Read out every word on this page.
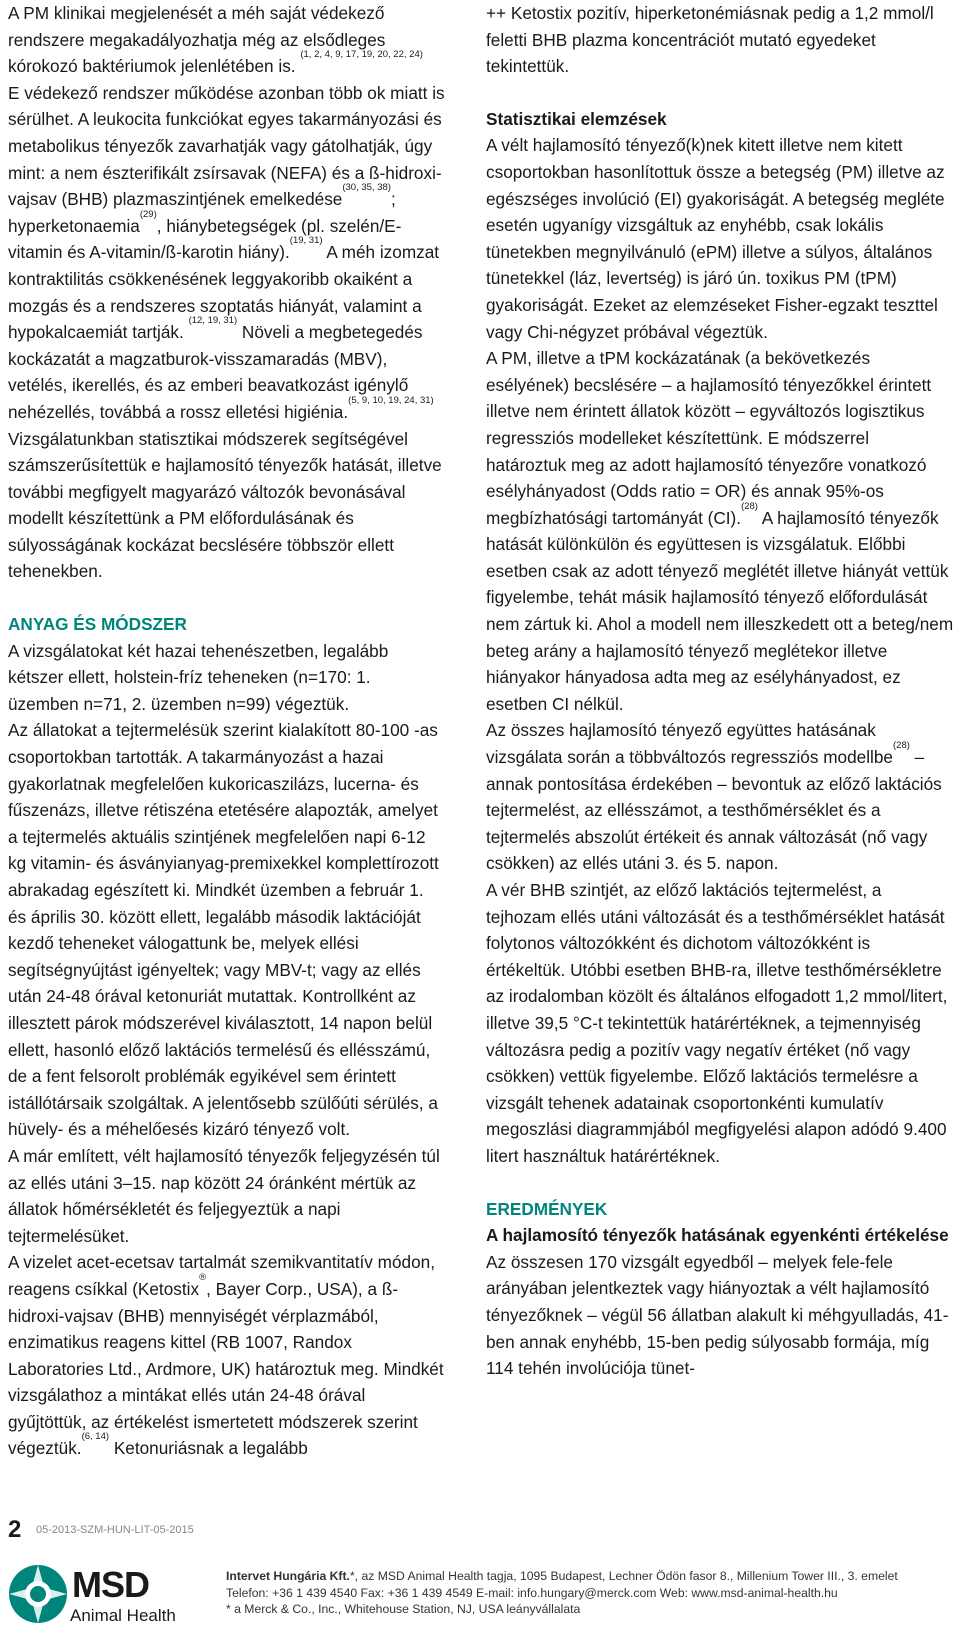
A PM klinikai megjelenését a méh saját védekező rendszere megakadályozhatja még az elsődleges kórokozó baktériumok jelenlétében is. $^{(1, 2, 4, 9, 17, 19, 20, 22, 24)}$

E védekező rendszer működése azonban több ok miatt is sérülhet. A leukocita funkciókat egyes takarmányozási és metabolikus tényezők zavarhatják vagy gátolhatják, úgy mint: a nem észterifikált zsírsavak (NEFA) és a ß-hidroxi-vajsav (BHB) plazmaszintjének emelkedése$^{(30, 35, 38)}$; hyperketonaemia$^{(29)}$, hiánybetegségek (pl. szelén/E-vitamin és A-vitamin/ß-karotin hiány).$^{(19, 31)}$ A méh izomzat kontraktilitás csökkenésének leggyakoribb okaiként a mozgás és a rendszeres szoptatás hiányát, valamint a hypokalcaemiát tartják. $^{(12, 19, 31)}$ Növeli a megbetegedés kockázatát a magzatburok-visszamaradás (MBV), vetélés, ikerellés, és az emberi beavatkozást igénylő nehézellés, továbbá a rossz elletési higiénia.$^{(5, 9, 10, 19, 24, 31)}$

Vizsgálatunkban statisztikai módszerek segítségével számszerűsítettük e hajlamosító tényezők hatását, illetve további megfigyelt magyarázó változók bevonásával modellt készítettünk a PM előfordulásának és súlyosságának kockázat becslésére többször ellett tehenekben.

ANYAG ÉS MÓDSZER

A vizsgálatokat két hazai tehenészetben, legalább kétszer ellett, holstein-fríz teheneken (n=170: 1. üzemben n=71, 2. üzemben n=99) végeztük.

Az állatokat a tejtermelésük szerint kialakított 80-100 -as csoportokban tartották. A takarmányozást a hazai gyakorlatnak megfelelően kukoricaszilázs, lucerna- és fűszenázs, illetve rétiszéna etetésére alapozták, amelyet a tejtermelés aktuális szintjének megfelelően napi 6-12 kg vitamin- és ásványianyag-premixekkel komplettírozott abrakadag egészített ki. Mindkét üzemben a február 1. és április 30. között ellett, legalább második laktációját kezdő teheneket válogattunk be, melyek ellési segítségnyújtást igényeltek; vagy MBV-t; vagy az ellés után 24-48 órával ketonuriát mutattak. Kontrollként az illesztett párok módszerével kiválasztott, 14 napon belül ellett, hasonló előző laktációs termelésű és ellésszámú, de a fent felsorolt problémák egyikével sem érintett istállótársaik szolgáltak. A jelentősebb szülőúti sérülés, a hüvely- és a méhelőesés kizáró tényező volt.

A már említett, vélt hajlamosító tényezők feljegyzésén túl az ellés utáni 3–15. nap között 24 óránként mértük az állatok hőmérsékletét és feljegyeztük a napi tejtermelésüket.

A vizelet acet-ecetsav tartalmát szemikvantitatív módon, reagens csíkkal (Ketostix®, Bayer Corp., USA), a ß-hidroxi-vajsav (BHB) mennyiségét vérplazmából, enzimatikus reagens kittel (RB 1007, Randox Laboratories Ltd., Ardmore, UK) határoztuk meg. Mindkét vizsgálathoz a mintákat ellés után 24-48 órával gyűjtöttük, az értékelést ismertetett módszerek szerint végeztük.$^{(6, 14)}$ Ketonuriásnak a legalább

++ Ketostix pozitív, hiperketonémiásnak pedig a 1,2 mmol/l feletti BHB plazma koncentrációt mutató egyedeket tekintettük.

Statisztikai elemzések

A vélt hajlamosító tényező(k)nek kitett illetve nem kitett csoportokban hasonlítottuk össze a betegség (PM) illetve az egészséges involúció (EI) gyakoriságát. A betegség megléte esetén ugyanígy vizsgáltuk az enyhébb, csak lokális tünetekben megnyilvánuló (ePM) illetve a súlyos, általános tünetekkel (láz, levertség) is járó ún. toxikus PM (tPM) gyakoriságát. Ezeket az elemzéseket Fisher-egzakt teszttel vagy Chi-négyzet próbával végeztük.

A PM, illetve a tPM kockázatának (a bekövetkezés esélyének) becslésére – a hajlamosító tényezőkkel érintett illetve nem érintett állatok között – egyváltozós logisztikus regressziós modelleket készítettünk. E módszerrel határoztuk meg az adott hajlamosító tényezőre vonatkozó esélyhányadost (Odds ratio = OR) és annak 95%-os megbízhatósági tartományát (CI).$^{(28)}$ A hajlamosító tényezők hatását különkülön és együttesen is vizsgálatuk. Előbbi esetben csak az adott tényező meglétét illetve hiányát vettük figyelembe, tehát másik hajlamosító tényező előfordulását nem zártuk ki. Ahol a modell nem illeszkedett ott a beteg/nem beteg arány a hajlamosító tényező meglétekor illetve hiányakor hányadosa adta meg az esélyhányadost, ez esetben CI nélkül.

Az összes hajlamosító tényező együttes hatásának vizsgálata során a többváltozós regressziós modellbe$^{(28)}$ – annak pontosítása érdekében – bevontuk az előző laktációs tejtermelést, az ellésszámot, a testhőmérséklet és a tejtermelés abszolút értékeit és annak változását (nő vagy csökken) az ellés utáni 3. és 5. napon.

A vér BHB szintjét, az előző laktációs tejtermelést, a tejhozam ellés utáni változását és a testhőmérséklet hatását folytonos változókként és dichotom változókként is értékeltük. Utóbbi esetben BHB-ra, illetve testhőmérsékletre az irodalomban közölt és általános elfogadott 1,2 mmol/litert, illetve 39,5 °C-t tekintettük határértéknek, a tejmennyiség változásra pedig a pozitív vagy negatív értéket (nő vagy csökken) vettük figyelembe. Előző laktációs termelésre a vizsgált tehenek adatainak csoportonkénti kumulatív megoszlási diagrammjából megfigyelési alapon adódó 9.400 litert használtuk határértéknek.

EREDMÉNYEK

A hajlamosító tényezők hatásának egyenkénti értékelése

Az összesen 170 vizsgált egyedből – melyek fele-fele arányában jelentkeztek vagy hiányoztak a vélt hajlamosító tényezőknek – végül 56 állatban alakult ki méhgyulladás, 41-ben annak enyhébb, 15-ben pedig súlyosabb formája, míg 114 tehén involúciója tünet-

2 05-2013-SZM-HUN-LIT-05-2015
MSD
Animal Health
Intervet Hungária Kft.*, az MSD Animal Health tagja, 1095 Budapest, Lechner Ödön fasor 8., Millenium Tower III., 3. emelet
Telefon: +36 1 439 4540 Fax: +36 1 439 4549 E-mail: info.hungary@merck.com Web: www.msd-animal-health.hu
* a Merck & Co., Inc., Whitehouse Station, NJ, USA leányvállalata
